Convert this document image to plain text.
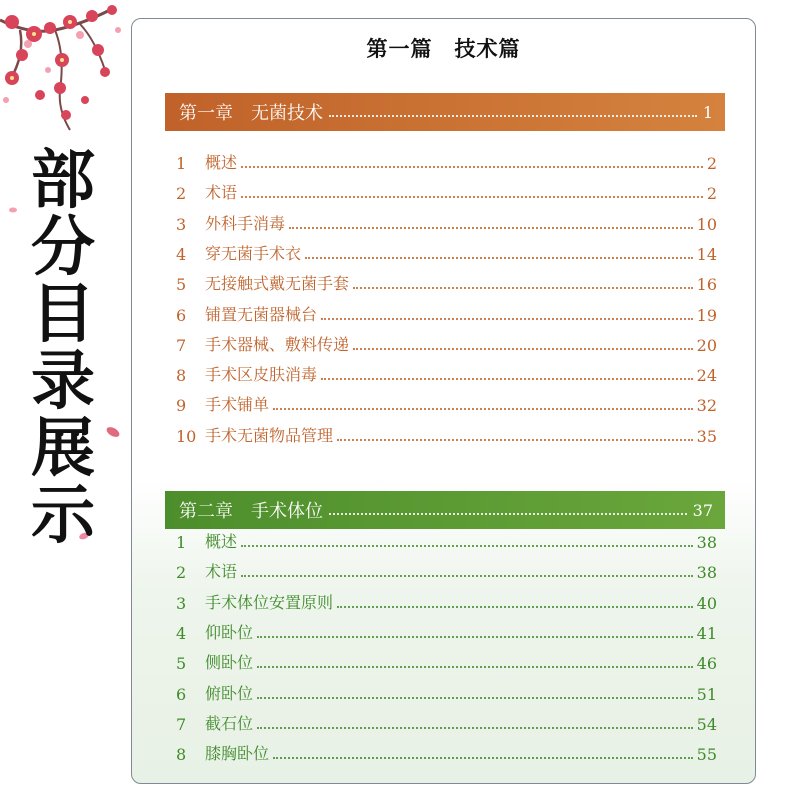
部
分
目
录
展
示
第一篇　技术篇
第一章　无菌技术	1
1	概述	2
2	术语	2
3	外科手消毒	10
4	穿无菌手术衣	14
5	无接触式戴无菌手套	16
6	铺置无菌器械台	19
7	手术器械、敷料传递	20
8	手术区皮肤消毒	24
9	手术铺单	32
10 手术无菌物品管理	35
第二章　手术体位	37
1	概述	38
2	术语	38
3	手术体位安置原则	40
4	仰卧位	41
5	侧卧位	46
6	俯卧位	51
7	截石位	54
8	膝胸卧位	55
